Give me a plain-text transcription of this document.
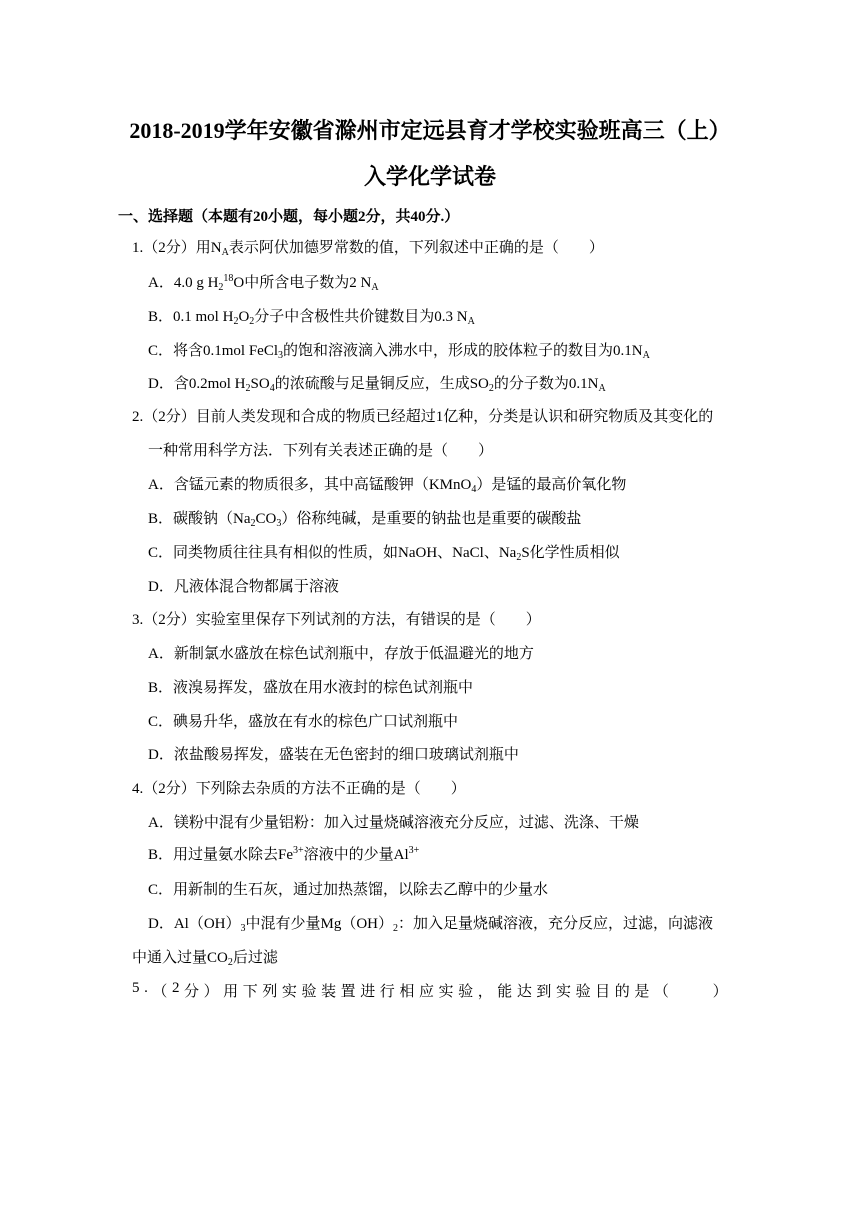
2018-2019学年安徽省滁州市定远县育才学校实验班高三（上）
入学化学试卷
一、选择题（本题有20小题，每小题2分，共40分.）
1.（2分）用$N_A$表示阿伏加德罗常数的值，下列叙述中正确的是（　　）
A．4.0 g $H_2^{18}O$中所含电子数为2 $N_A$
B．0.1 mol $H_2O_2$分子中含极性共价键数目为0.3 $N_A$
C．将含0.1mol FeCl$_3$的饱和溶液滴入沸水中，形成的胶体粒子的数目为$0.1N_A$
D．含0.2mol $H_2SO_4$的浓硫酸与足量铜反应，生成$SO_2$的分子数为$0.1N_A$
2.（2分）目前人类发现和合成的物质已经超过1亿种，分类是认识和研究物质及其变化的
一种常用科学方法．下列有关表述正确的是（　　）
A．含锰元素的物质很多，其中高锰酸钾（KMnO$_4$）是锰的最高价氧化物
B．碳酸钠$(Na_2CO_3)$俗称纯碱，是重要的钠盐也是重要的碳酸盐
C．同类物质往往具有相似的性质，如NaOH、NaCl、$Na_2S$化学性质相似
D．凡液体混合物都属于溶液
3.（2分）实验室里保存下列试剂的方法，有错误的是（　　）
A．新制氯水盛放在棕色试剂瓶中，存放于低温避光的地方
B．液溴易挥发，盛放在用水液封的棕色试剂瓶中
C．碘易升华，盛放在有水的棕色广口试剂瓶中
D．浓盐酸易挥发，盛装在无色密封的细口玻璃试剂瓶中
4.（2分）下列除去杂质的方法不正确的是（　　）
A．镁粉中混有少量铝粉：加入过量烧碱溶液充分反应，过滤、洗涤、干燥
B．用过量氨水除去$Fe^{3+}$溶液中的少量$Al^{3+}$
C．用新制的生石灰，通过加热蒸馏，以除去乙醇中的少量水
D．$Al(OH)_3$中混有少量$Mg(OH)_2$：加入足量烧碱溶液，充分反应，过滤，向滤液
中通入过量$CO_2$后过滤
5 . （ 2 分 ） 用 下 列 实 验 装 置 进 行 相 应 实 验 ， 能 达 到 实 验 目 的 是 （

　	）
